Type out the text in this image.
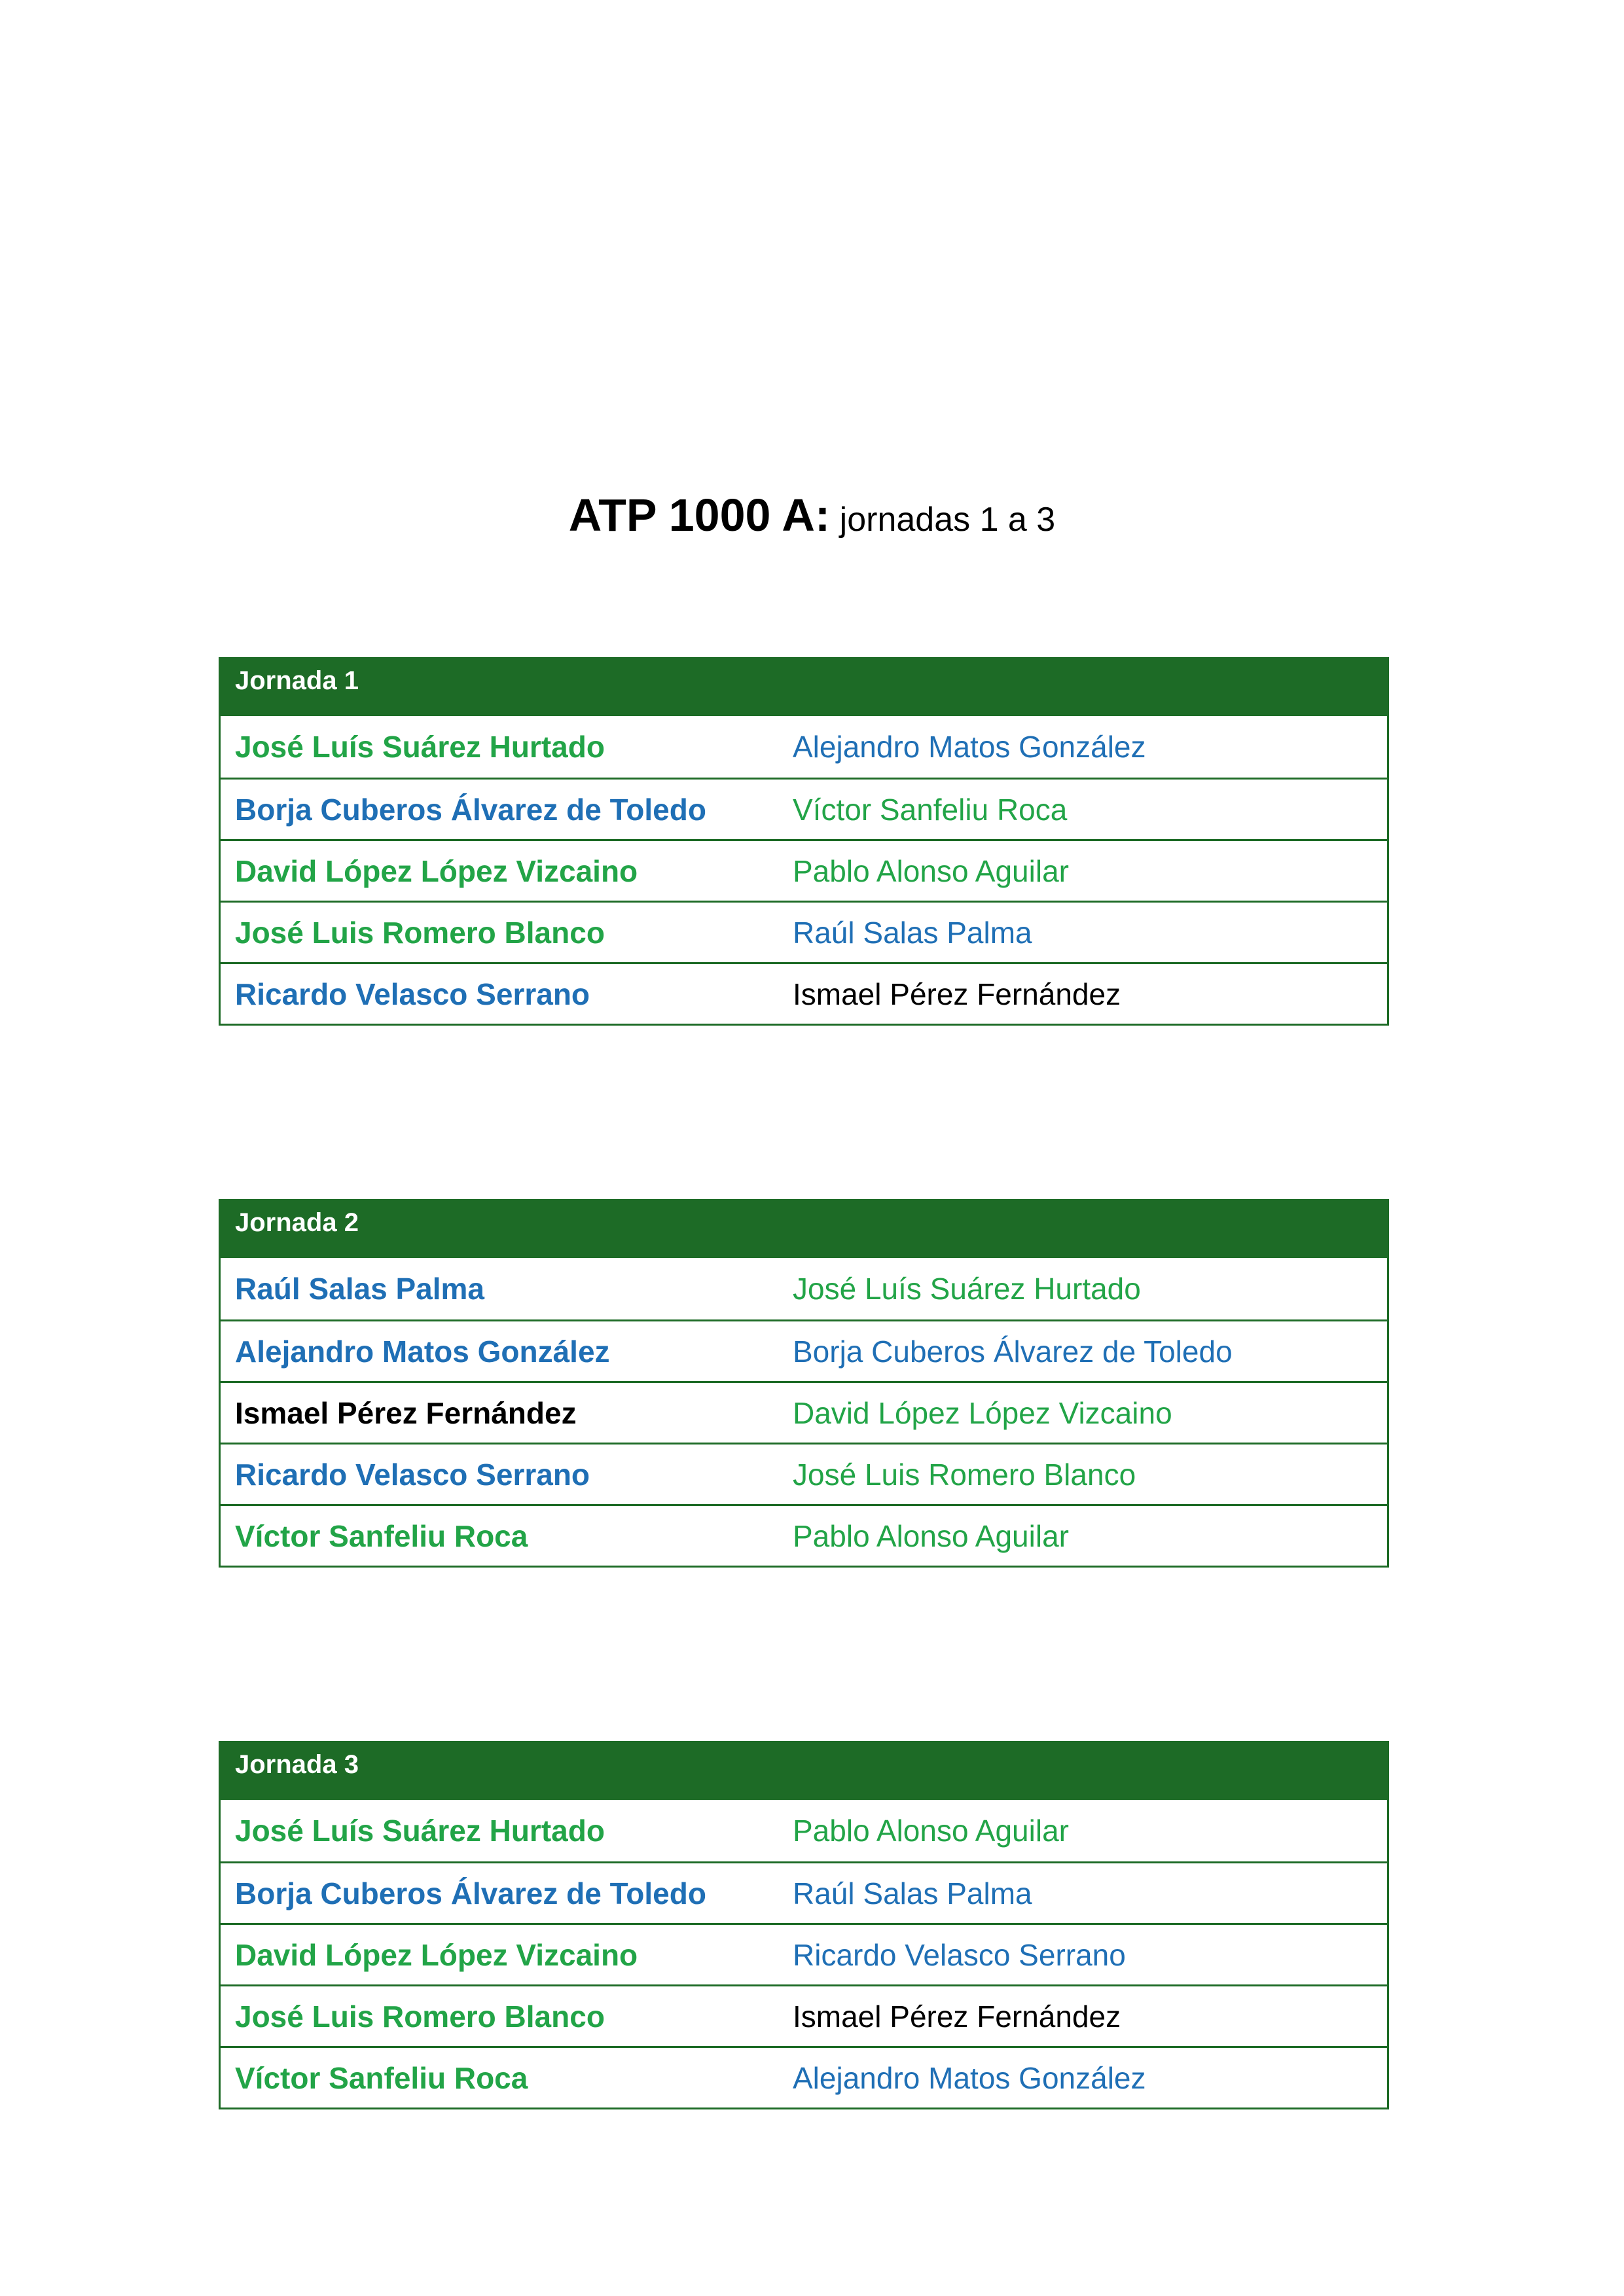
ATP 1000 A: jornadas 1 a 3
Jornada 1
José Luís Suárez Hurtado	Alejandro Matos González
Borja Cuberos Álvarez de Toledo	Víctor Sanfeliu Roca
David López López Vizcaino	Pablo Alonso Aguilar
José Luis Romero Blanco	Raúl Salas Palma
Ricardo Velasco Serrano	Ismael Pérez Fernández
Jornada 2
Raúl Salas Palma	José Luís Suárez Hurtado
Alejandro Matos González	Borja Cuberos Álvarez de Toledo
Ismael Pérez Fernández	David López López Vizcaino
Ricardo Velasco Serrano	José Luis Romero Blanco
Víctor Sanfeliu Roca	Pablo Alonso Aguilar
Jornada 3
José Luís Suárez Hurtado	Pablo Alonso Aguilar
Borja Cuberos Álvarez de Toledo	Raúl Salas Palma
David López López Vizcaino	Ricardo Velasco Serrano
José Luis Romero Blanco	Ismael Pérez Fernández
Víctor Sanfeliu Roca	Alejandro Matos González
